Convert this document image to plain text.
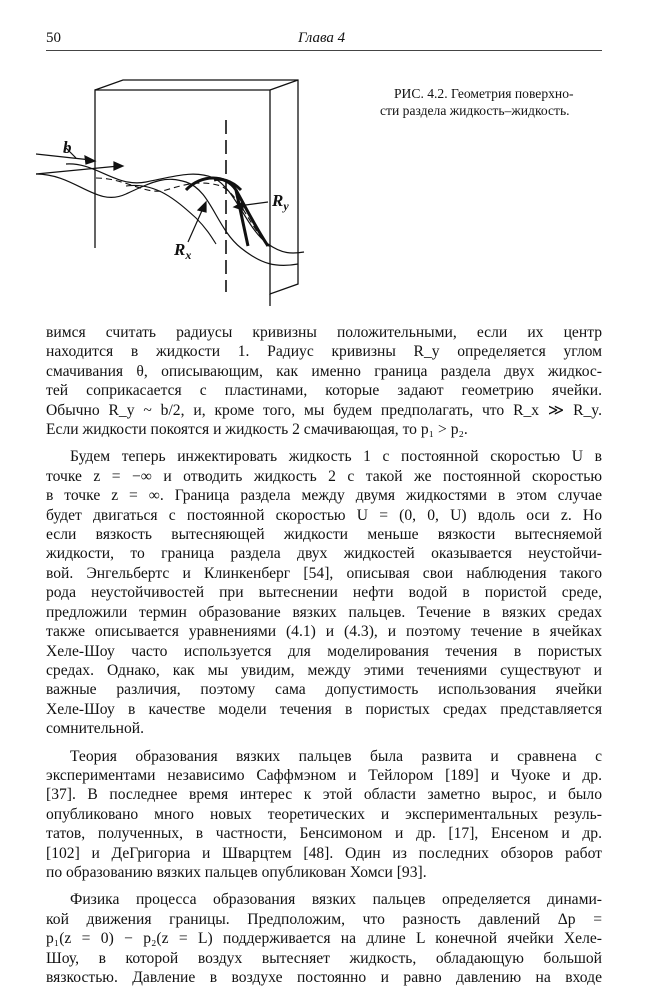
50	Глава 4
b
$R_x$
$R_y$
РИС. 4.2. Геометрия поверхно-
сти раздела жидкость–жидкость.
вимся считать радиусы кривизны положительными, если их центр
находится в жидкости 1. Радиус кривизны R_y определяется углом
смачивания θ, описывающим, как именно граница раздела двух жидкос-
тей соприкасается с пластинами, которые задают геометрию ячейки.
Обычно R_y ~ b/2, и, кроме того, мы будем предполагать, что R_x ≫ R_y.
Если жидкости покоятся и жидкость 2 смачивающая, то p₁ > p₂.
Будем теперь инжектировать жидкость 1 с постоянной скоростью U в
точке z = −∞ и отводить жидкость 2 с такой же постоянной скоростью
в точке z = ∞. Граница раздела между двумя жидкостями в этом случае
будет двигаться с постоянной скоростью U = (0, 0, U) вдоль оси z. Но
если вязкость вытесняющей жидкости меньше вязкости вытесняемой
жидкости, то граница раздела двух жидкостей оказывается неустойчи-
вой. Энгельбертс и Клинкенберг [54], описывая свои наблюдения такого
рода неустойчивостей при вытеснении нефти водой в пористой среде,
предложили термин образование вязких пальцев. Течение в вязких средах
также описывается уравнениями (4.1) и (4.3), и поэтому течение в ячейках
Хеле-Шоу часто используется для моделирования течения в пористых
средах. Однако, как мы увидим, между этими течениями существуют и
важные различия, поэтому сама допустимость использования ячейки
Хеле-Шоу в качестве модели течения в пористых средах представляется
сомнительной.
Теория образования вязких пальцев была развита и сравнена с
экспериментами независимо Саффмэном и Тейлором [189] и Чуоке и др.
[37]. В последнее время интерес к этой области заметно вырос, и было
опубликовано много новых теоретических и экспериментальных резуль-
татов, полученных, в частности, Бенсимоном и др. [17], Енсеном и др.
[102] и ДеГригориа и Шварцтем [48]. Один из последних обзоров работ
по образованию вязких пальцев опубликован Хомси [93].
Физика процесса образования вязких пальцев определяется динами-
кой движения границы. Предположим, что разность давлений Δp =
p₁(z = 0) − p₂(z = L) поддерживается на длине L конечной ячейки Хеле-
Шоу, в которой воздух вытесняет жидкость, обладающую большой
вязкостью. Давление в воздухе постоянно и равно давлению на входе
